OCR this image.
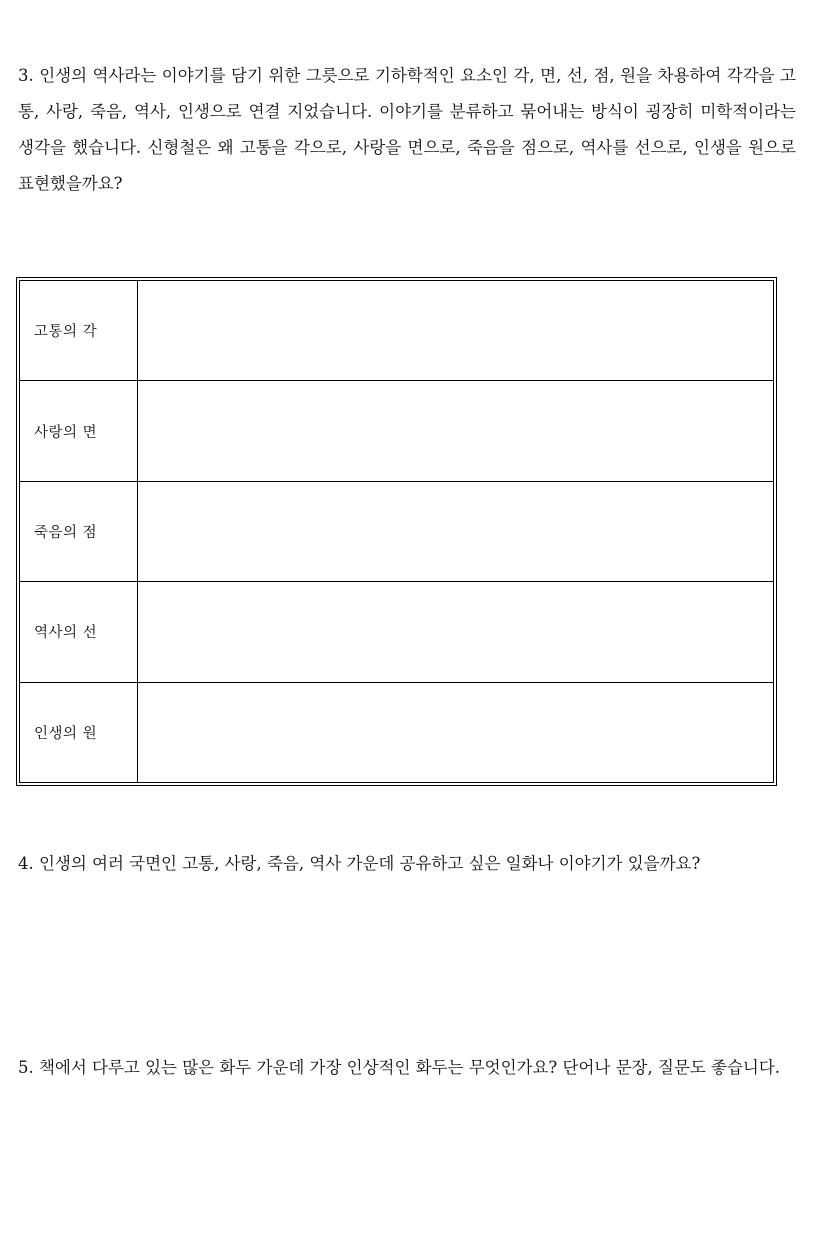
3. 인생의 역사라는 이야기를 담기 위한 그릇으로 기하학적인 요소인 각, 면, 선, 점, 원을 차용하여 각각을 고통, 사랑, 죽음, 역사, 인생으로 연결 지었습니다. 이야기를 분류하고 묶어내는 방식이 굉장히 미학적이라는 생각을 했습니다. 신형철은 왜 고통을 각으로, 사랑을 면으로, 죽음을 점으로, 역사를 선으로, 인생을 원으로 표현했을까요?

고통의 각	
사랑의 면	
죽음의 점	
역사의 선	
인생의 원	

4. 인생의 여러 국면인 고통, 사랑, 죽음, 역사 가운데 공유하고 싶은 일화나 이야기가 있을까요?

5. 책에서 다루고 있는 많은 화두 가운데 가장 인상적인 화두는 무엇인가요? 단어나 문장, 질문도 좋습니다.
